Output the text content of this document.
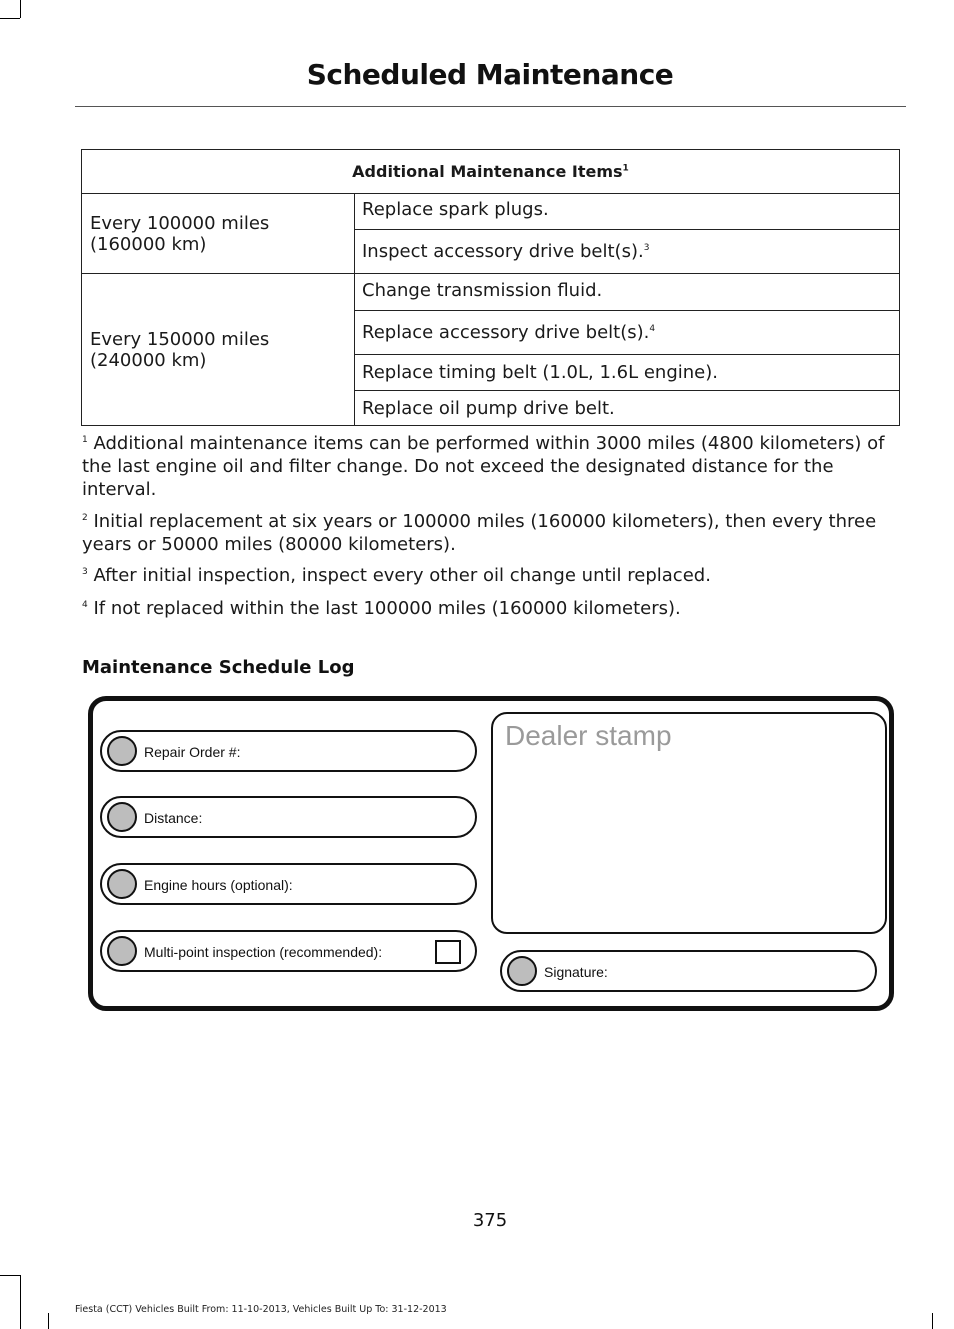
Scheduled Maintenance
Additional Maintenance Items$^1$

Every 100000 miles
(160000 km)	Replace spark plugs.
	Inspect accessory drive belt(s).$^3$

Every 150000 miles
(240000 km)	Change transmission fluid.
	Replace accessory drive belt(s).$^4$
	Replace timing belt (1.0L, 1.6L engine).
	Replace oil pump drive belt.

$^1$ Additional maintenance items can be performed within 3000 miles (4800 kilometers) of the last engine oil and filter change. Do not exceed the designated distance for the interval.

$^2$ Initial replacement at six years or 100000 miles (160000 kilometers), then every three years or 50000 miles (80000 kilometers).

$^3$ After initial inspection, inspect every other oil change until replaced.

$^4$ If not replaced within the last 100000 miles (160000 kilometers).

Maintenance Schedule Log
Repair Order #:
Distance:
Engine hours (optional):
Multi-point inspection (recommended):
Dealer stamp
Signature:
375
Fiesta (CCT) Vehicles Built From: 11-10-2013, Vehicles Built Up To: 31-12-2013
